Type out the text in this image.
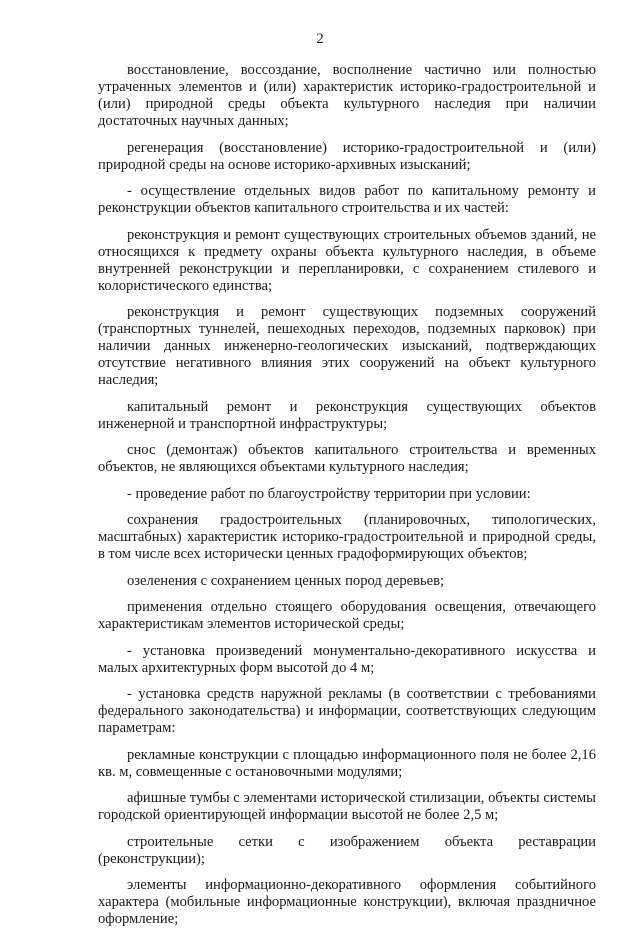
2

восстановление, воссоздание, восполнение частично или полностью утраченных элементов и (или) характеристик историко-градостроительной и (или) природной среды объекта культурного наследия при наличии достаточных научных данных;

регенерация (восстановление) историко-градостроительной и (или) природной среды на основе историко-архивных изысканий;

- осуществление отдельных видов работ по капитальному ремонту и реконструкции объектов капитального строительства и их частей:

реконструкция и ремонт существующих строительных объемов зданий, не относящихся к предмету охраны объекта культурного наследия, в объеме внутренней реконструкции и перепланировки, с сохранением стилевого и колористического единства;

реконструкция и ремонт существующих подземных сооружений (транспортных туннелей, пешеходных переходов, подземных парковок) при наличии данных инженерно-геологических изысканий, подтверждающих отсутствие негативного влияния этих сооружений на объект культурного наследия;

капитальный ремонт и реконструкция существующих объектов инженерной и транспортной инфраструктуры;

снос (демонтаж) объектов капитального строительства и временных объектов, не являющихся объектами культурного наследия;

- проведение работ по благоустройству территории при условии:

сохранения градостроительных (планировочных, типологических, масштабных) характеристик историко-градостроительной и природной среды, в том числе всех исторически ценных градоформирующих объектов;

озеленения с сохранением ценных пород деревьев;

применения отдельно стоящего оборудования освещения, отвечающего характеристикам элементов исторической среды;

- установка произведений монументально-декоративного искусства и малых архитектурных форм высотой до 4 м;

- установка средств наружной рекламы (в соответствии с требованиями федерального законодательства) и информации, соответствующих следующим параметрам:

рекламные конструкции с площадью информационного поля не более 2,16 кв. м, совмещенные с остановочными модулями;

афишные тумбы с элементами исторической стилизации, объекты системы городской ориентирующей информации высотой не более 2,5 м;

строительные сетки с изображением объекта реставрации (реконструкции);

элементы информационно-декоративного оформления событийного характера (мобильные информационные конструкции), включая праздничное оформление;
